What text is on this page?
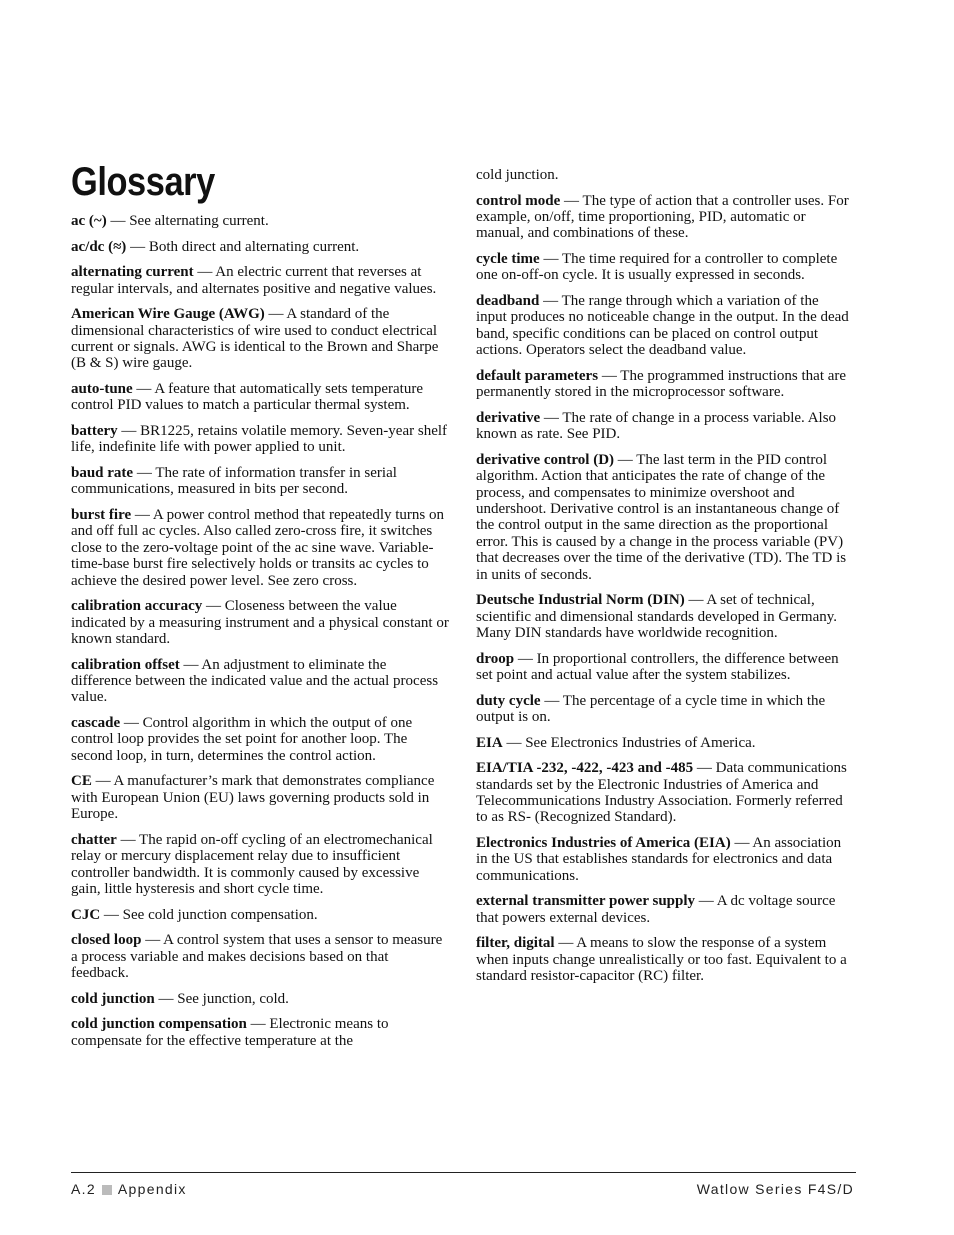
Glossary

ac (~) — See alternating current.

ac/dc (≈) — Both direct and alternating current.

alternating current — An electric current that reverses at regular intervals, and alternates positive and negative values.

American Wire Gauge (AWG) — A standard of the dimensional characteristics of wire used to conduct electrical current or signals. AWG is identical to the Brown and Sharpe (B & S) wire gauge.

auto-tune — A feature that automatically sets temperature control PID values to match a particular thermal system.

battery — BR1225, retains volatile memory. Seven-year shelf life, indefinite life with power applied to unit.

baud rate — The rate of information transfer in serial communications, measured in bits per second.

burst fire — A power control method that repeatedly turns on and off full ac cycles. Also called zero-cross fire, it switches close to the zero-voltage point of the ac sine wave. Variable-time-base burst fire selectively holds or transits ac cycles to achieve the desired power level. See zero cross.

calibration accuracy — Closeness between the value indicated by a measuring instrument and a physical constant or known standard.

calibration offset — An adjustment to eliminate the difference between the indicated value and the actual process value.

cascade — Control algorithm in which the output of one control loop provides the set point for another loop. The second loop, in turn, determines the control action.

CE — A manufacturer’s mark that demonstrates compliance with European Union (EU) laws governing products sold in Europe.

chatter — The rapid on-off cycling of an electromechanical relay or mercury displacement relay due to insufficient controller bandwidth. It is commonly caused by excessive gain, little hysteresis and short cycle time.

CJC — See cold junction compensation.

closed loop — A control system that uses a sensor to measure a process variable and makes decisions based on that feedback.

cold junction — See junction, cold.

cold junction compensation — Electronic means to compensate for the effective temperature at the

cold junction.

control mode — The type of action that a controller uses. For example, on/off, time proportioning, PID, automatic or manual, and combinations of these.

cycle time — The time required for a controller to complete one on-off-on cycle. It is usually expressed in seconds.

deadband — The range through which a variation of the input produces no noticeable change in the output. In the dead band, specific conditions can be placed on control output actions. Operators select the deadband value.

default parameters — The programmed instructions that are permanently stored in the microprocessor software.

derivative — The rate of change in a process variable. Also known as rate. See PID.

derivative control (D) — The last term in the PID control algorithm. Action that anticipates the rate of change of the process, and compensates to minimize overshoot and undershoot. Derivative control is an instantaneous change of the control output in the same direction as the proportional error. This is caused by a change in the process variable (PV) that decreases over the time of the derivative (TD). The TD is in units of seconds.

Deutsche Industrial Norm (DIN) — A set of technical, scientific and dimensional standards developed in Germany. Many DIN standards have worldwide recognition.

droop — In proportional controllers, the difference between set point and actual value after the system stabilizes.

duty cycle — The percentage of a cycle time in which the output is on.

EIA — See Electronics Industries of America.

EIA/TIA -232, -422, -423 and -485 — Data communications standards set by the Electronic Industries of America and Telecommunications Industry Association. Formerly referred to as RS- (Recognized Standard).

Electronics Industries of America (EIA) — An association in the US that establishes standards for electronics and data communications.

external transmitter power supply — A dc voltage source that powers external devices.

filter, digital — A means to slow the response of a system when inputs change unrealistically or too fast. Equivalent to a standard resistor-capacitor (RC) filter.

A.2 Appendix	Watlow Series F4S/D
